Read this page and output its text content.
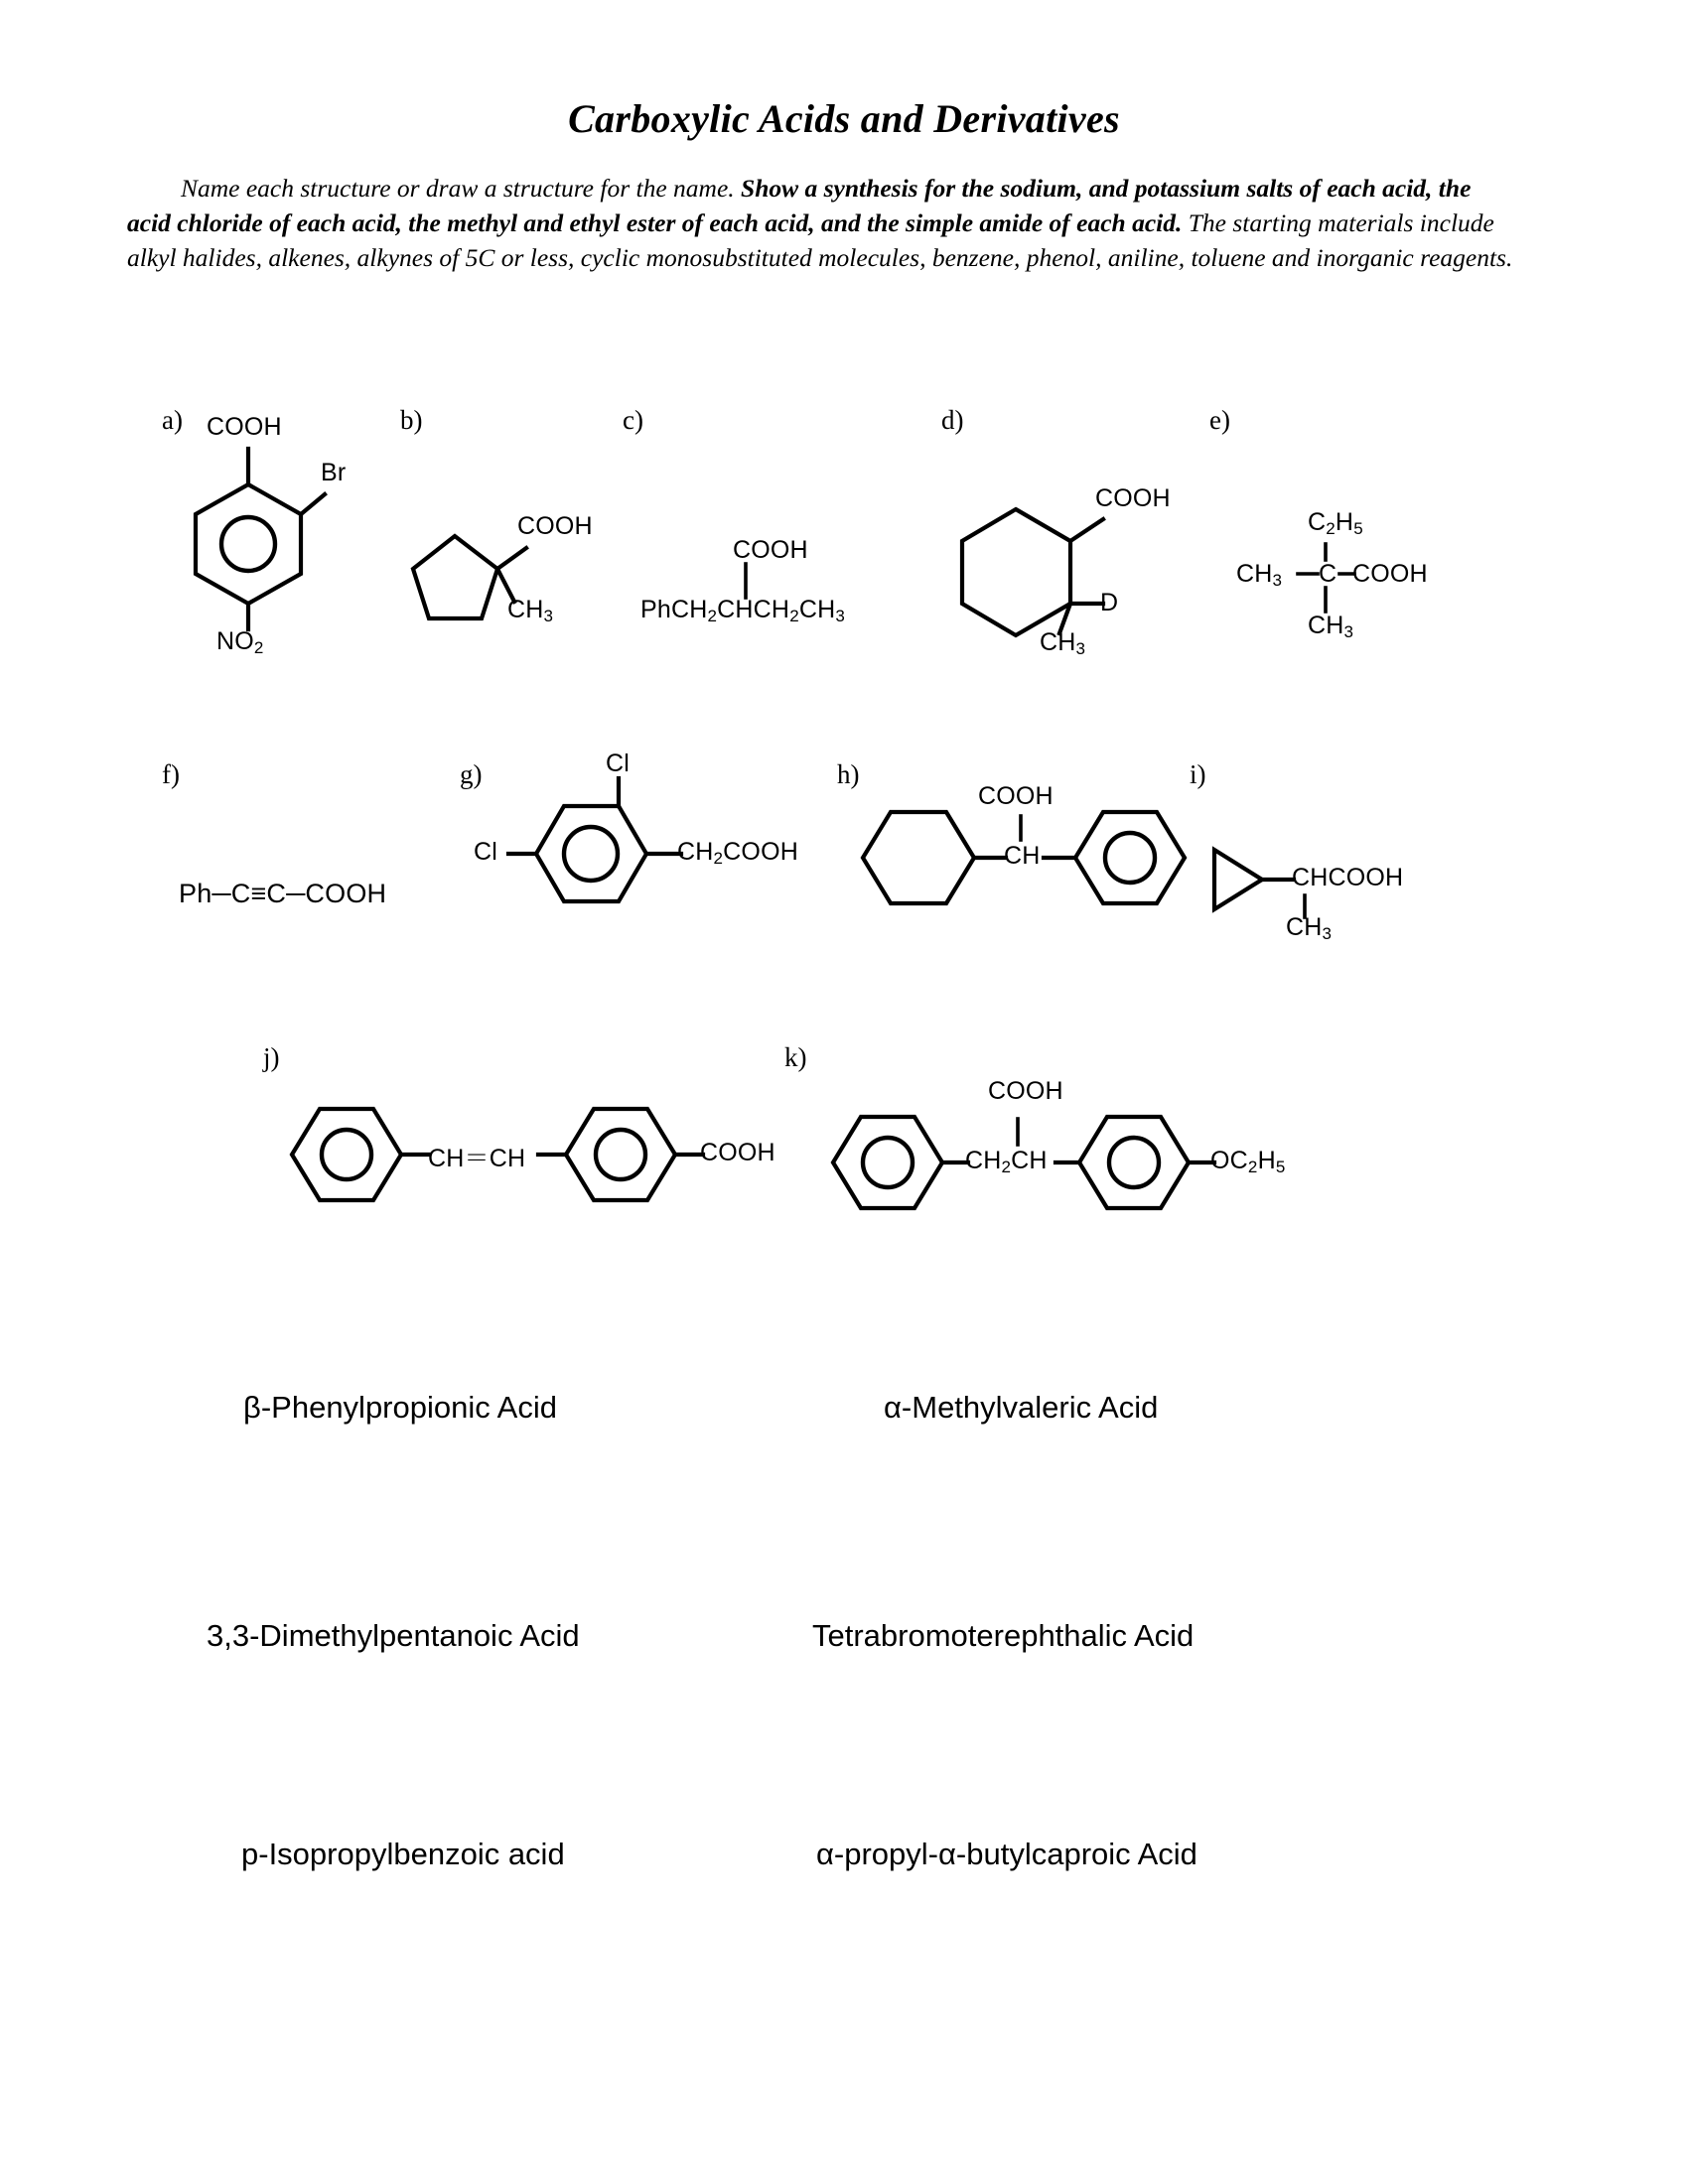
Carboxylic Acids and Derivatives
Name each structure or draw a structure for the name. Show a synthesis for the sodium, and potassium salts of each acid, the acid chloride of each acid, the methyl and ethyl ester of each acid, and the simple amide of each acid. The starting materials include alkyl halides, alkenes, alkynes of 5C or less, cyclic monosubstituted molecules, benzene, phenol, aniline, toluene and inorganic reagents.
a)	b)	c)	d)	e)
COOH
Br
$NO_2$
COOH
$CH_3$
COOH
$PhCH_2CHCH_2CH_3$
COOH
D
$CH_3$
$C_2H_5$
$CH_3$ C COOH
$CH_3$
f)	g)	h)	i)
Ph─C≡C─COOH
Cl
Cl	$CH_2COOH$
COOH
CH
CHCOOH
$CH_3$
j)	k)
CH＝CH	COOH
COOH
$CH_2CH$	$OC_2H_5$
β-Phenylpropionic Acid	α-Methylvaleric Acid
3,3-Dimethylpentanoic Acid	Tetrabromoterephthalic Acid
p-Isopropylbenzoic acid	α-propyl-α-butylcaproic Acid
